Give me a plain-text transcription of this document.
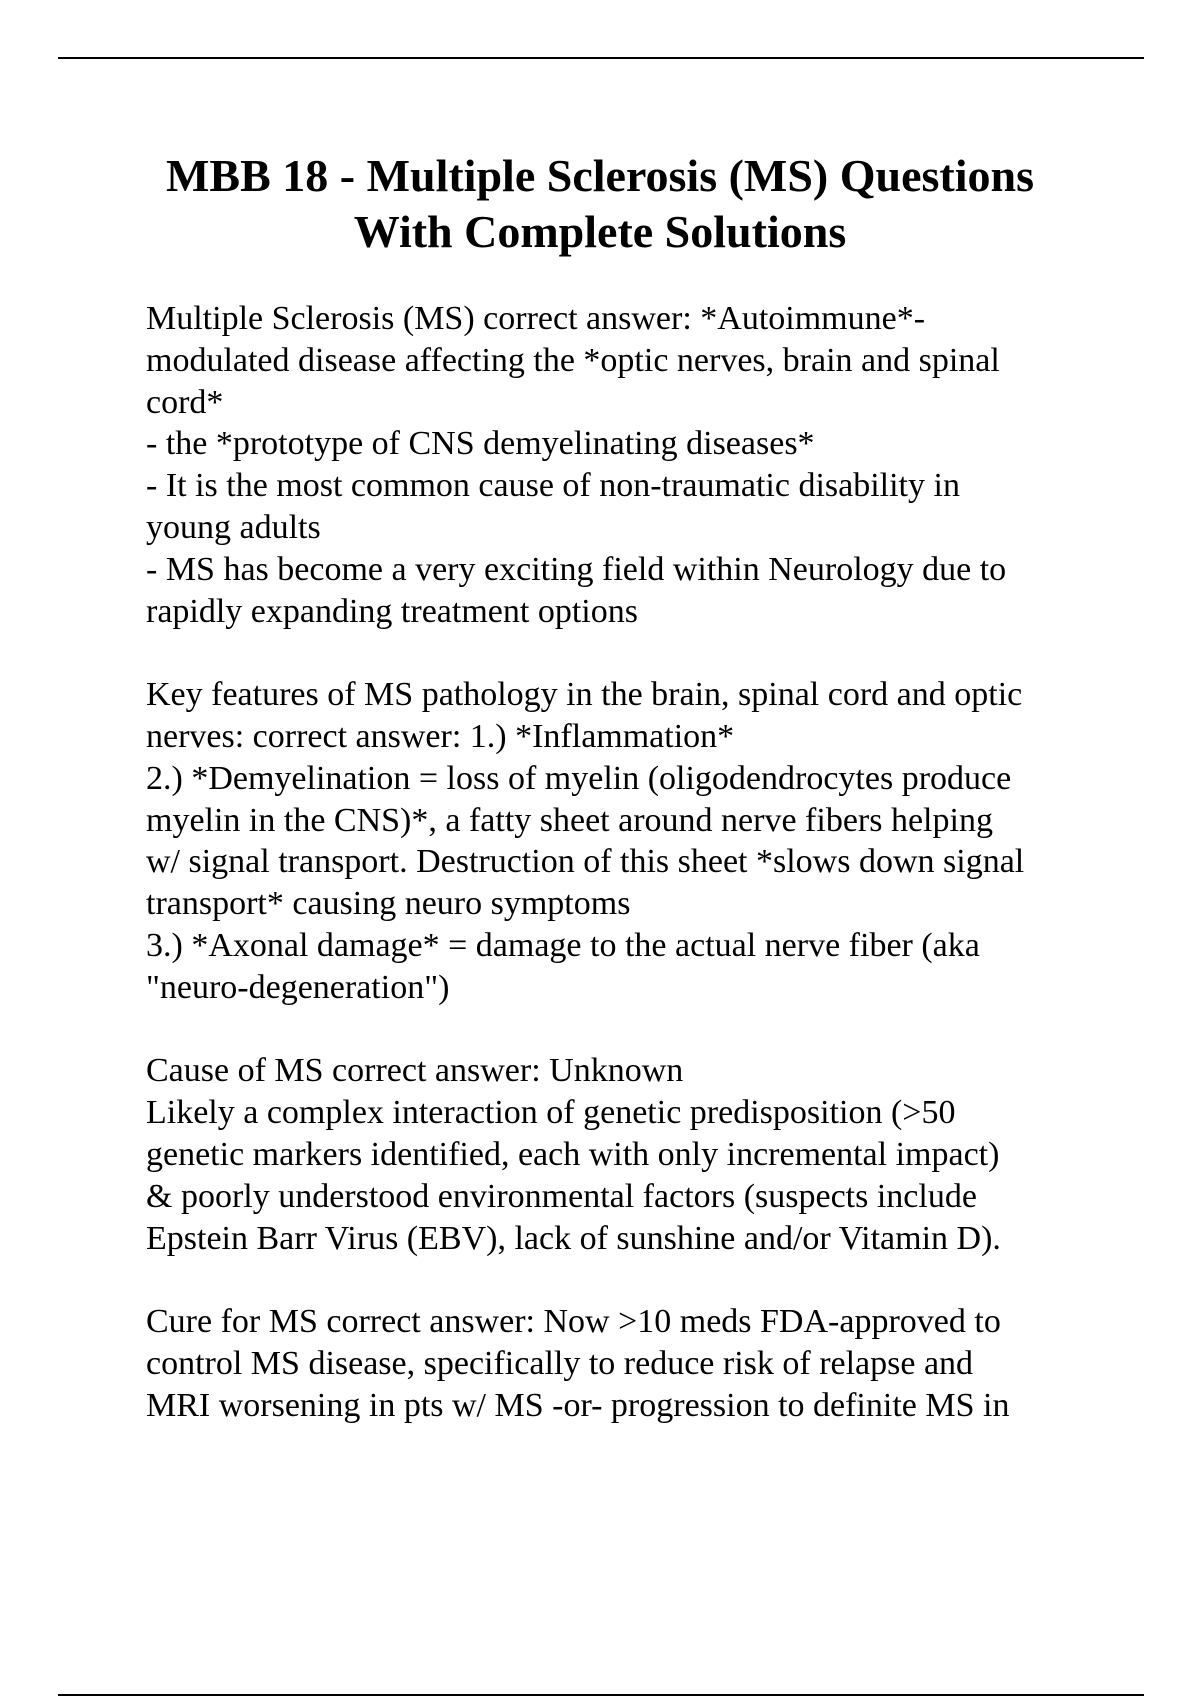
MBB 18 - Multiple Sclerosis (MS) Questions
With Complete Solutions
Multiple Sclerosis (MS) correct answer: *Autoimmune*-
modulated disease affecting the *optic nerves, brain and spinal
cord*
- the *prototype of CNS demyelinating diseases*
- It is the most common cause of non-traumatic disability in
young adults
- MS has become a very exciting field within Neurology due to
rapidly expanding treatment options
Key features of MS pathology in the brain, spinal cord and optic
nerves: correct answer: 1.) *Inflammation*
2.) *Demyelination = loss of myelin (oligodendrocytes produce
myelin in the CNS)*, a fatty sheet around nerve fibers helping
w/ signal transport. Destruction of this sheet *slows down signal
transport* causing neuro symptoms
3.) *Axonal damage* = damage to the actual nerve fiber (aka
"neuro-degeneration")
Cause of MS correct answer: Unknown
Likely a complex interaction of genetic predisposition (>50
genetic markers identified, each with only incremental impact)
& poorly understood environmental factors (suspects include
Epstein Barr Virus (EBV), lack of sunshine and/or Vitamin D).
Cure for MS correct answer: Now >10 meds FDA-approved to
control MS disease, specifically to reduce risk of relapse and
MRI worsening in pts w/ MS -or- progression to definite MS in
